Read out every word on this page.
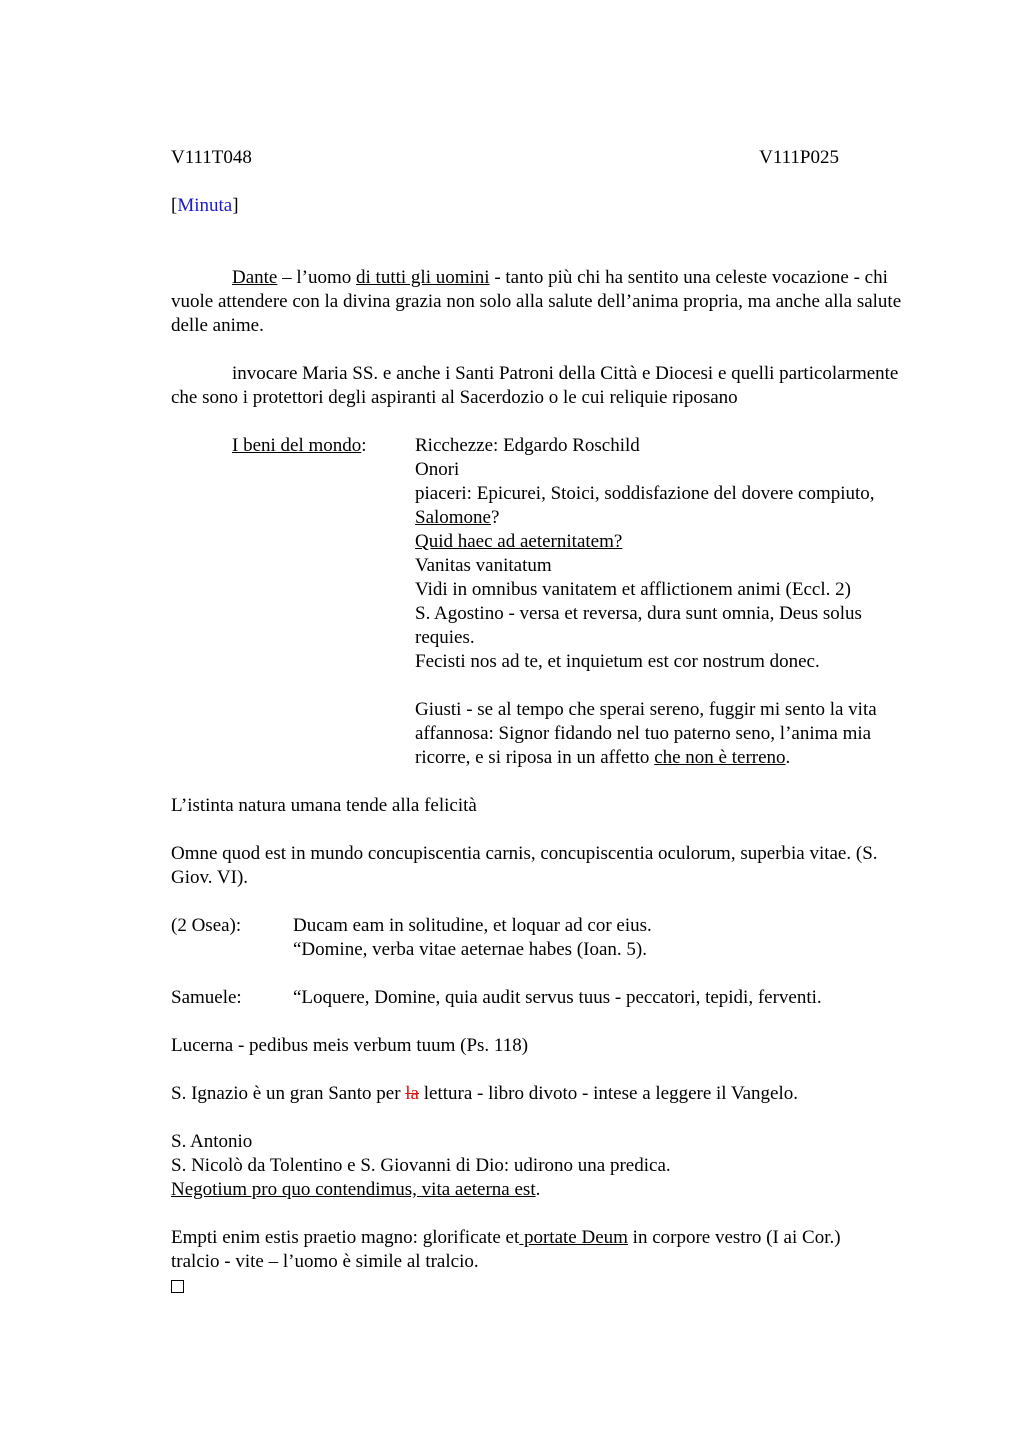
V111T048	V111P025

[Minuta]

Dante – l’uomo di tutti gli uomini - tanto più chi ha sentito una celeste vocazione - chi vuole attendere con la divina grazia non solo alla salute dell’anima propria, ma anche alla salute delle anime.

invocare Maria SS. e anche i Santi Patroni della Città e Diocesi e quelli particolarmente che sono i protettori degli aspiranti al Sacerdozio o le cui reliquie riposano

I beni del mondo:	Ricchezze: Edgardo Roschild

Onori

piaceri: Epicurei, Stoici, soddisfazione del dovere compiuto,

Salomone?

Quid haec ad aeternitatem?

Vanitas vanitatum

Vidi in omnibus vanitatem et afflictionem animi (Eccl. 2)

S. Agostino - versa et reversa, dura sunt omnia, Deus solus requies.

Fecisti nos ad te, et inquietum est cor nostrum donec.

Giusti - se al tempo che sperai sereno, fuggir mi sento la vita affannosa: Signor fidando nel tuo paterno seno, l’anima mia ricorre, e si riposa in un affetto che non è terreno.

L’istinta natura umana tende alla felicità

Omne quod est in mundo concupiscentia carnis, concupiscentia oculorum, superbia vitae. (S. Giov. VI).

(2 Osea):	Ducam eam in solitudine, et loquar ad cor eius.

“Domine, verba vitae aeternae habes (Ioan. 5).

Samuele:	“Loquere, Domine, quia audit servus tuus - peccatori, tepidi, ferventi.

Lucerna - pedibus meis verbum tuum (Ps. 118)

S. Ignazio è un gran Santo per la lettura - libro divoto - intese a leggere il Vangelo.

S. Antonio

S. Nicolò da Tolentino e S. Giovanni di Dio: udirono una predica.

Negotium pro quo contendimus, vita aeterna est.

Empti enim estis praetio magno: glorificate et portate Deum in corpore vestro (I ai Cor.)

tralcio - vite – l’uomo è simile al tralcio.
